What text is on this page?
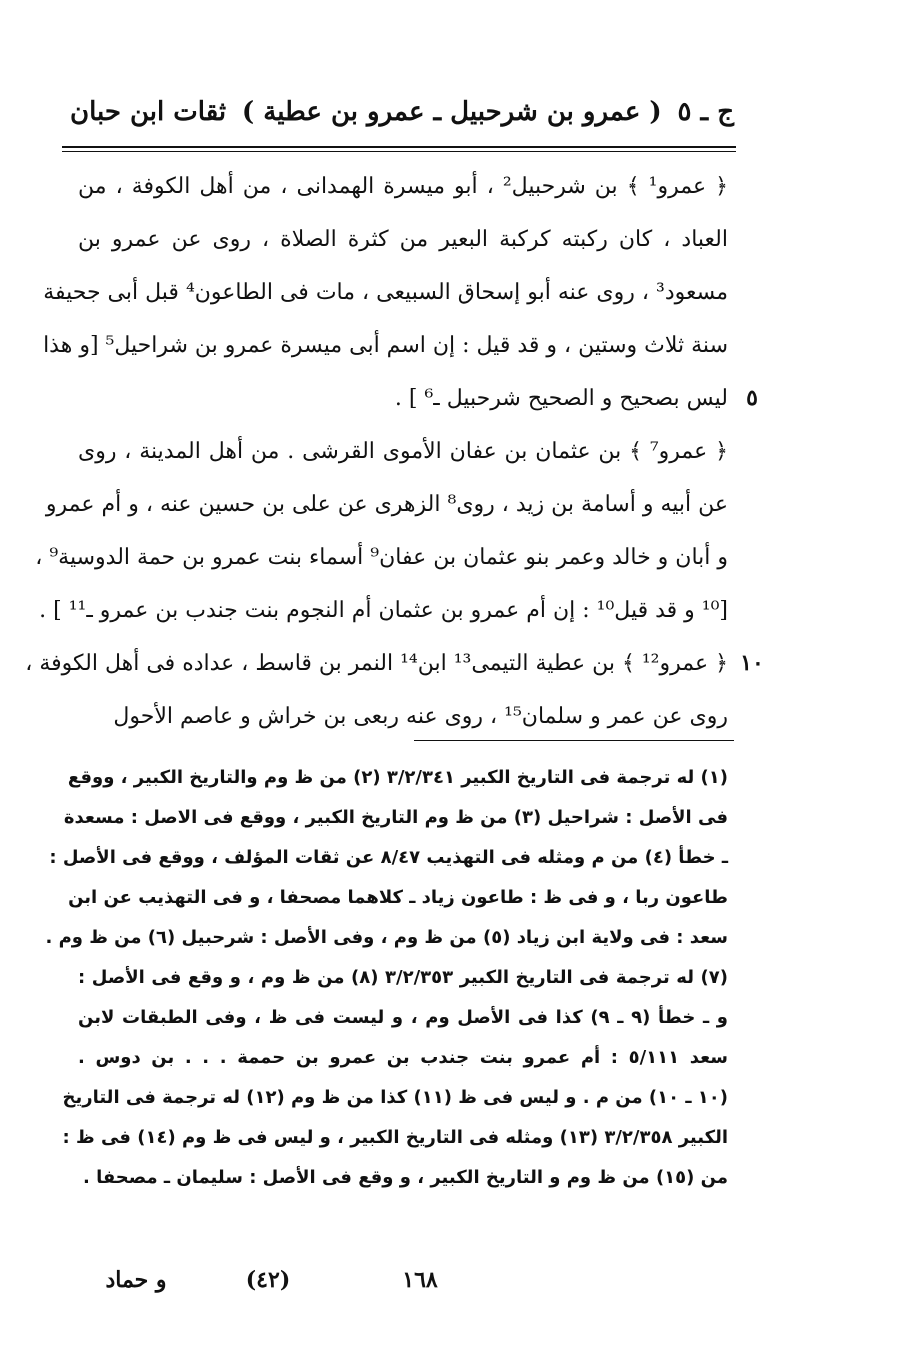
ثقات ابن حبان ( عمرو بن شرحبيل ـ عمرو بن عطية ) ج ـ ٥
﴿ عمرو¹ ﴾ بن شرحبيل² ، أبو ميسرة الهمدانى ، من أهل الكوفة ، من
العباد ، كان ركبته كركبة البعير من كثرة الصلاة ، روى عن عمرو بن
مسعود³ ، روى عنه أبو إسحاق السبيعى ، مات فى الطاعون⁴ قبل أبى جحيفة
سنة ثلاث وستين ، و قد قيل : إن اسم أبى ميسرة عمرو بن شراحيل⁵ [و هذا
ليس بصحيح و الصحيح شرحبيل ـ⁶ ] .
﴿ عمرو⁷ ﴾ بن عثمان بن عفان الأموى القرشى . من أهل المدينة ، روى
عن أبيه و أسامة بن زيد ، روى⁸ الزهرى عن على بن حسين عنه ، و أم عمرو
و أبان و خالد وعمر بنو عثمان بن عفان⁹ أسماء بنت عمرو بن حمة الدوسية⁹ ،
[¹⁰ و قد قيل¹⁰ : إن أم عمرو بن عثمان أم النجوم بنت جندب بن عمرو ـ¹¹ ] .
﴿ عمرو¹² ﴾ بن عطية التيمى¹³ ابن¹⁴ النمر بن قاسط ، عداده فى أهل الكوفة ،
روى عن عمر و سلمان¹⁵ ، روى عنه ربعى بن خراش و عاصم الأحول
٥
١٠
(١) له ترجمة فى التاريخ الكبير ٣/٢/٣٤١ (٢) من ظ وم والتاريخ الكبير ، ووقع
فى الأصل : شراحيل (٣) من ظ وم التاريخ الكبير ، ووقع فى الاصل : مسعدة
ـ خطأ (٤) من م ومثله فى التهذيب ٨/٤٧ عن ثقات المؤلف ، ووقع فى الأصل :
طاعون ربا ، و فى ظ : طاعون زياد ـ كلاهما مصحفا ، و فى التهذيب عن ابن
سعد : فى ولاية ابن زياد (٥) من ظ وم ، وفى الأصل : شرحبيل (٦) من ظ وم .
(٧) له ترجمة فى التاريخ الكبير ٣/٢/٣٥٣ (٨) من ظ وم ، و وقع فى الأصل :
و ـ خطأ (٩ ـ ٩) كذا فى الأصل وم ، و ليست فى ظ ، وفى الطبقات لابن
سعد ٥/١١١ : أم عمرو بنت جندب بن عمرو بن حممة . . . بن دوس .
(١٠ ـ ١٠) من م . و ليس فى ظ (١١) كذا من ظ وم (١٢) له ترجمة فى التاريخ
الكبير ٣/٢/٣٥٨ (١٣) ومثله فى التاريخ الكبير ، و ليس فى ظ وم (١٤) فى ظ :
من (١٥) من ظ وم و التاريخ الكبير ، و وقع فى الأصل : سليمان ـ مصحفا .
١٦٨
(٤٢)
و حماد
